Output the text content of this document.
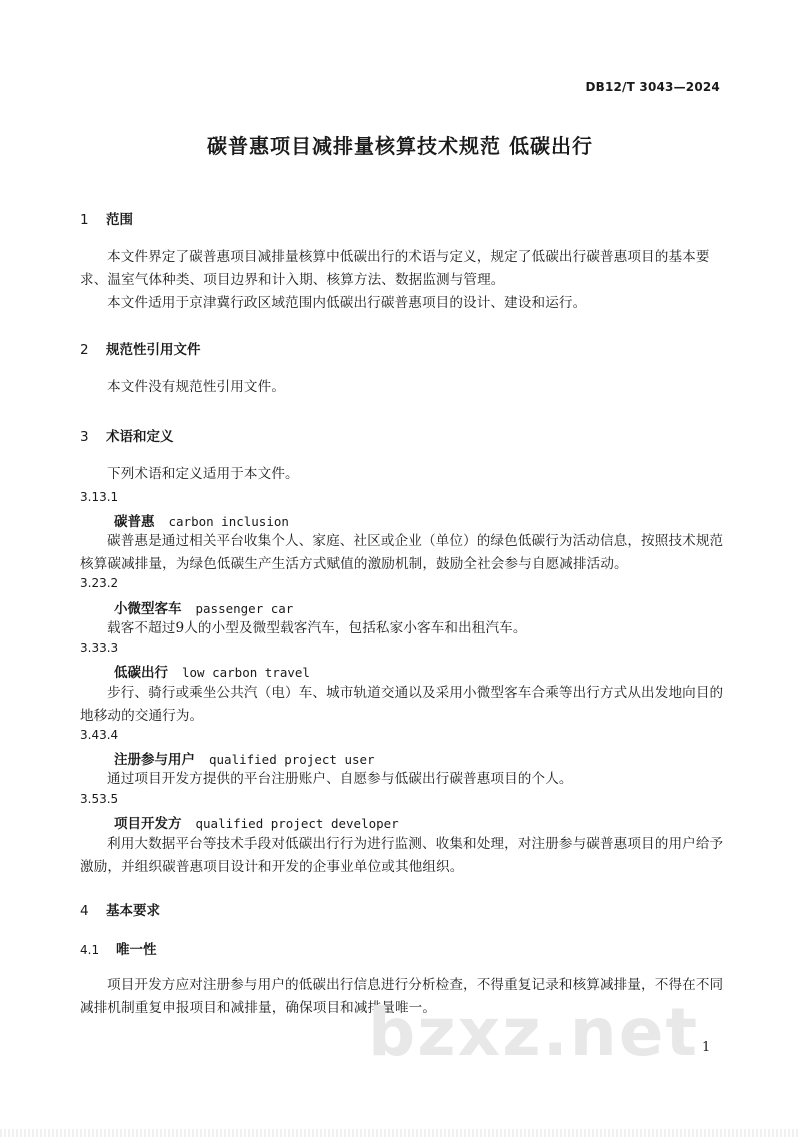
DB12/T 3043—2024
碳普惠项目减排量核算技术规范 低碳出行
1 范围
本文件界定了碳普惠项目减排量核算中低碳出行的术语与定义，规定了低碳出行碳普惠项目的基本要求、温室气体种类、项目边界和计入期、核算方法、数据监测与管理。
本文件适用于京津冀行政区域范围内低碳出行碳普惠项目的设计、建设和运行。
2 规范性引用文件
本文件没有规范性引用文件。
3 术语和定义
下列术语和定义适用于本文件。
3.13.1
碳普惠 carbon inclusion
碳普惠是通过相关平台收集个人、家庭、社区或企业（单位）的绿色低碳行为活动信息，按照技术规范核算碳减排量，为绿色低碳生产生活方式赋值的激励机制，鼓励全社会参与自愿减排活动。
3.23.2
小微型客车 passenger car
载客不超过9人的小型及微型载客汽车，包括私家小客车和出租汽车。
3.33.3
低碳出行 low carbon travel
步行、骑行或乘坐公共汽（电）车、城市轨道交通以及采用小微型客车合乘等出行方式从出发地向目的地移动的交通行为。
3.43.4
注册参与用户 qualified project user
通过项目开发方提供的平台注册账户、自愿参与低碳出行碳普惠项目的个人。
3.53.5
项目开发方 qualified project developer
利用大数据平台等技术手段对低碳出行行为进行监测、收集和处理，对注册参与碳普惠项目的用户给予激励，并组织碳普惠项目设计和开发的企事业单位或其他组织。
4 基本要求
4.1 唯一性
项目开发方应对注册参与用户的低碳出行信息进行分析检查，不得重复记录和核算减排量，不得在不同减排机制重复申报项目和减排量，确保项目和减排量唯一。
bzxz.net 1
